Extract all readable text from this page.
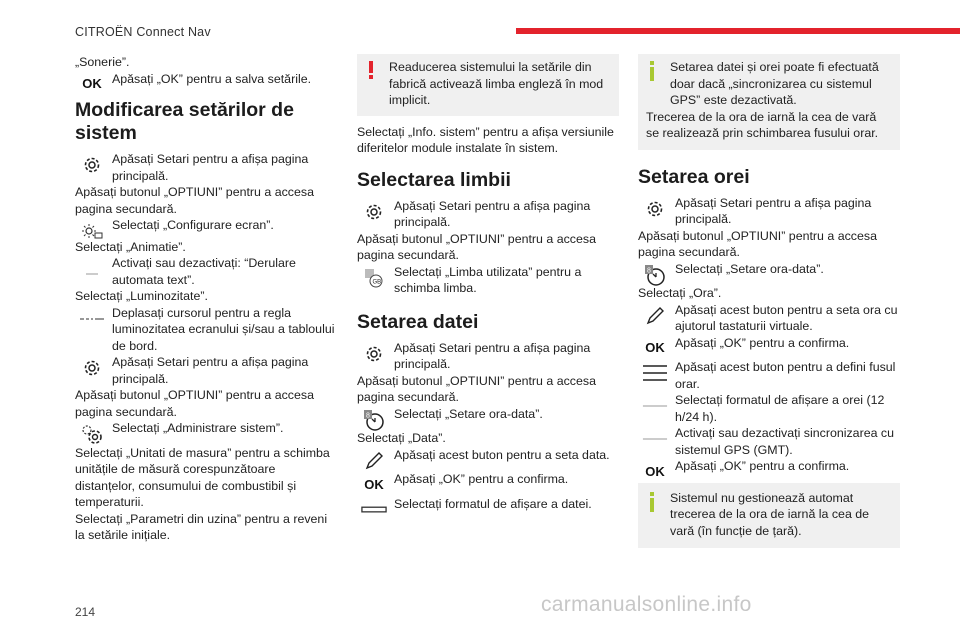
CITROËN Connect Nav

„Sonerie”.

OK Apăsați „OK” pentru a salva setările.
Modificarea setărilor de sistem
Apăsați Setari pentru a afișa pagina principală.

Apăsați butonul „OPTIUNI” pentru a accesa pagina secundară.

Selectați „Configurare ecran”.

Selectați „Animatie”.

Activați sau dezactivați: “Derulare automata text”.

Selectați „Luminozitate”.

Deplasați cursorul pentru a regla luminozitatea ecranului și/sau a tabloului de bord.
Apăsați Setari pentru a afișa pagina principală.

Apăsați butonul „OPTIUNI” pentru a accesa pagina secundară.

Selectați „Administrare sistem”.

Selectați „Unitati de masura” pentru a schimba unitățile de măsură corespunzătoare distanțelor, consumului de combustibil și temperaturii.

Selectați „Parametri din uzina” pentru a reveni la setările inițiale.

Readucerea sistemului la setările din fabrică activează limba engleză în mod implicit.

Selectați „Info. sistem” pentru a afișa versiunile diferitelor module instalate în sistem.

Selectarea limbii
Apăsați Setari pentru a afișa pagina principală.

Apăsați butonul „OPTIUNI” pentru a accesa pagina secundară.

GB
Selectați „Limba utilizata” pentru a schimba limba.
Setarea datei
Apăsați Setari pentru a afișa pagina principală.

Apăsați butonul „OPTIUNI” pentru a accesa pagina secundară.

8 Selectați „Setare ora-data”.

Selectați „Data”.

Apăsați acest buton pentru a seta data.
OK Apăsați „OK” pentru a confirma.
Selectați formatul de afișare a datei.
Setarea datei și orei poate fi efectuată doar dacă „sincronizarea cu sistemul GPS” este dezactivată.
Trecerea de la ora de iarnă la cea de vară se realizează prin schimbarea fusului orar.
Setarea orei
Apăsați Setari pentru a afișa pagina principală.

Apăsați butonul „OPTIUNI” pentru a accesa pagina secundară.

8 Selectați „Setare ora-data”.

Selectați „Ora”.

Apăsați acest buton pentru a seta ora cu ajutorul tastaturii virtuale.
OK Apăsați „OK” pentru a confirma.
Apăsați acest buton pentru a defini fusul orar.
Selectați formatul de afișare a orei (12 h/24 h).
Activați sau dezactivați sincronizarea cu sistemul GPS (GMT).
OK Apăsați „OK” pentru a confirma.
Sistemul nu gestionează automat trecerea de la ora de iarnă la cea de vară (în funcție de țară).
214	carmanualsonline.info
